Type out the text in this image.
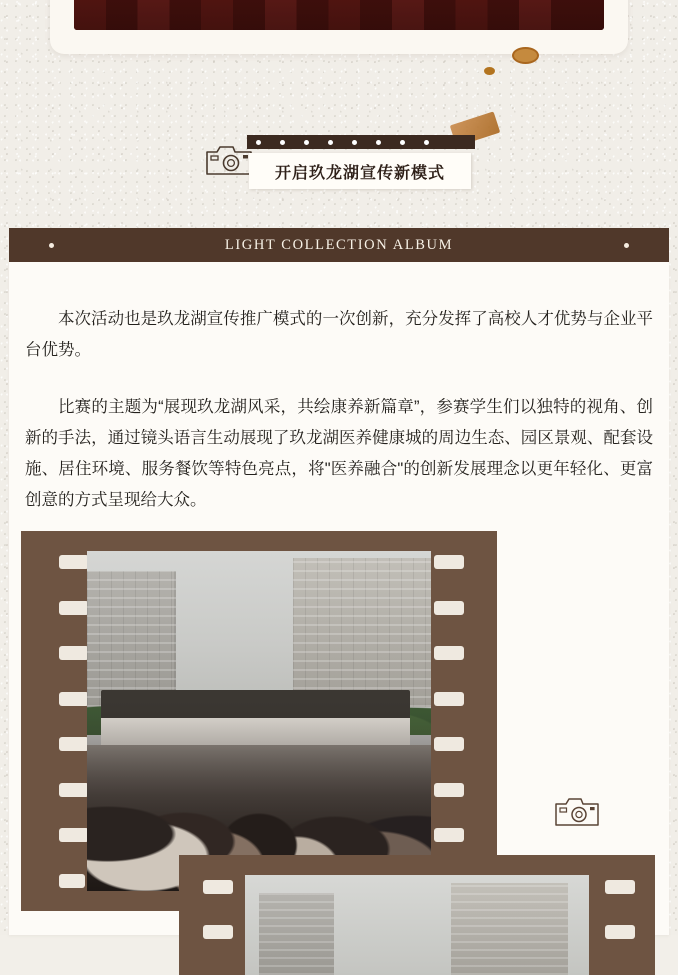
开启玖龙湖宣传新模式
LIGHT COLLECTION ALBUM

本次活动也是玖龙湖宣传推广模式的一次创新，充分发挥了高校人才优势与企业平台优势。

比赛的主题为“展现玖龙湖风采，共绘康养新篇章”，参赛学生们以独特的视角、创新的手法，通过镜头语言生动展现了玖龙湖医养健康城的周边生态、园区景观、配套设施、居住环境、服务餐饮等特色亮点，将"医养融合"的创新发展理念以更年轻化、更富创意的方式呈现给大众。
